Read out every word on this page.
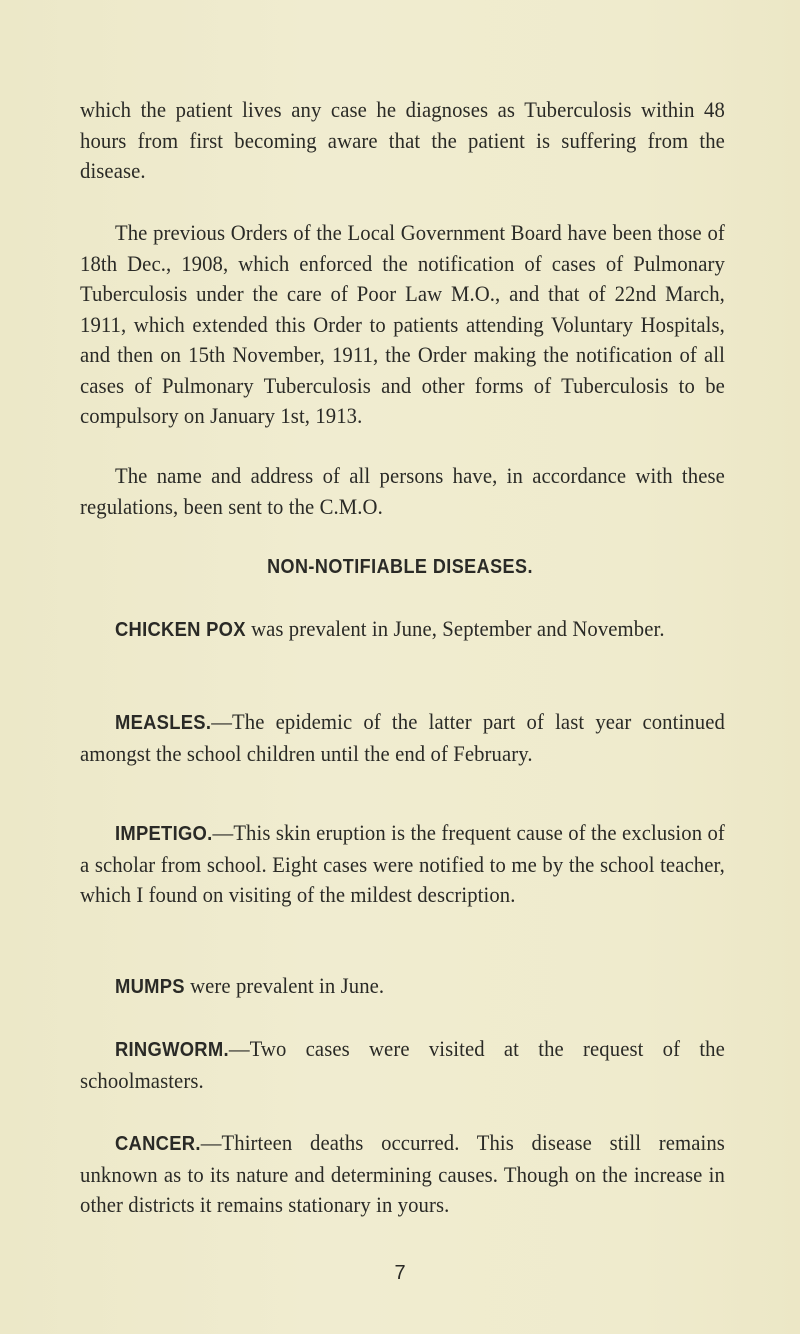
which the patient lives any case he diagnoses as Tuberculosis within 48 hours from first becoming aware that the patient is suffering from the disease.

The previous Orders of the Local Government Board have been those of 18th Dec., 1908, which enforced the notification of cases of Pulmonary Tuberculosis under the care of Poor Law M.O., and that of 22nd March, 1911, which extended this Order to patients attending Voluntary Hospitals, and then on 15th November, 1911, the Order making the notification of all cases of Pulmonary Tuberculosis and other forms of Tuberculosis to be compulsory on January 1st, 1913.

The name and address of all persons have, in accordance with these regulations, been sent to the C.M.O.

NON-NOTIFIABLE DISEASES.

CHICKEN POX was prevalent in June, September and November.

MEASLES.—The epidemic of the latter part of last year continued amongst the school children until the end of February.

IMPETIGO.—This skin eruption is the frequent cause of the exclusion of a scholar from school. Eight cases were notified to me by the school teacher, which I found on visiting of the mildest description.

MUMPS were prevalent in June.

RINGWORM.—Two cases were visited at the request of the schoolmasters.

CANCER.—Thirteen deaths occurred. This disease still remains unknown as to its nature and determining causes. Though on the increase in other districts it remains stationary in yours.

7
